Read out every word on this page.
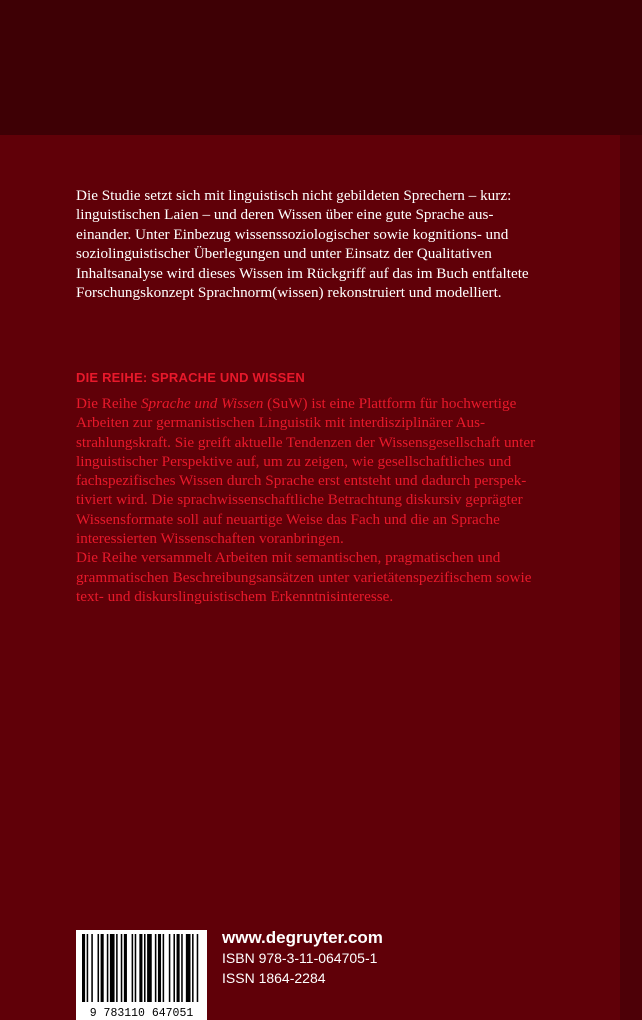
Die Studie setzt sich mit linguistisch nicht gebildeten Sprechern – kurz:
linguistischen Laien – und deren Wissen über eine gute Sprache aus-
einander. Unter Einbezug wissenssoziologischer sowie kognitions- und
soziolinguistischer Überlegungen und unter Einsatz der Qualitativen
Inhaltsanalyse wird dieses Wissen im Rückgriff auf das im Buch entfaltete
Forschungskonzept Sprachnorm(wissen) rekonstruiert und modelliert.

DIE REIHE: SPRACHE UND WISSEN

Die Reihe Sprache und Wissen (SuW) ist eine Plattform für hochwertige
Arbeiten zur germanistischen Linguistik mit interdisziplinärer Aus-
strahlungskraft. Sie greift aktuelle Tendenzen der Wissensgesellschaft unter
linguistischer Perspektive auf, um zu zeigen, wie gesellschaftliches und
fachspezifisches Wissen durch Sprache erst entsteht und dadurch perspek-
tiviert wird. Die sprachwissenschaftliche Betrachtung diskursiv geprägter
Wissensformate soll auf neuartige Weise das Fach und die an Sprache
interessierten Wissenschaften voranbringen.
Die Reihe versammelt Arbeiten mit semantischen, pragmatischen und
grammatischen Beschreibungsansätzen unter varietätenspezifischem sowie
text- und diskurslinguistischem Erkenntnisinteresse.
9 783110 647051

www.degruyter.com

ISBN 978-3-11-064705-1

ISSN 1864-2284
